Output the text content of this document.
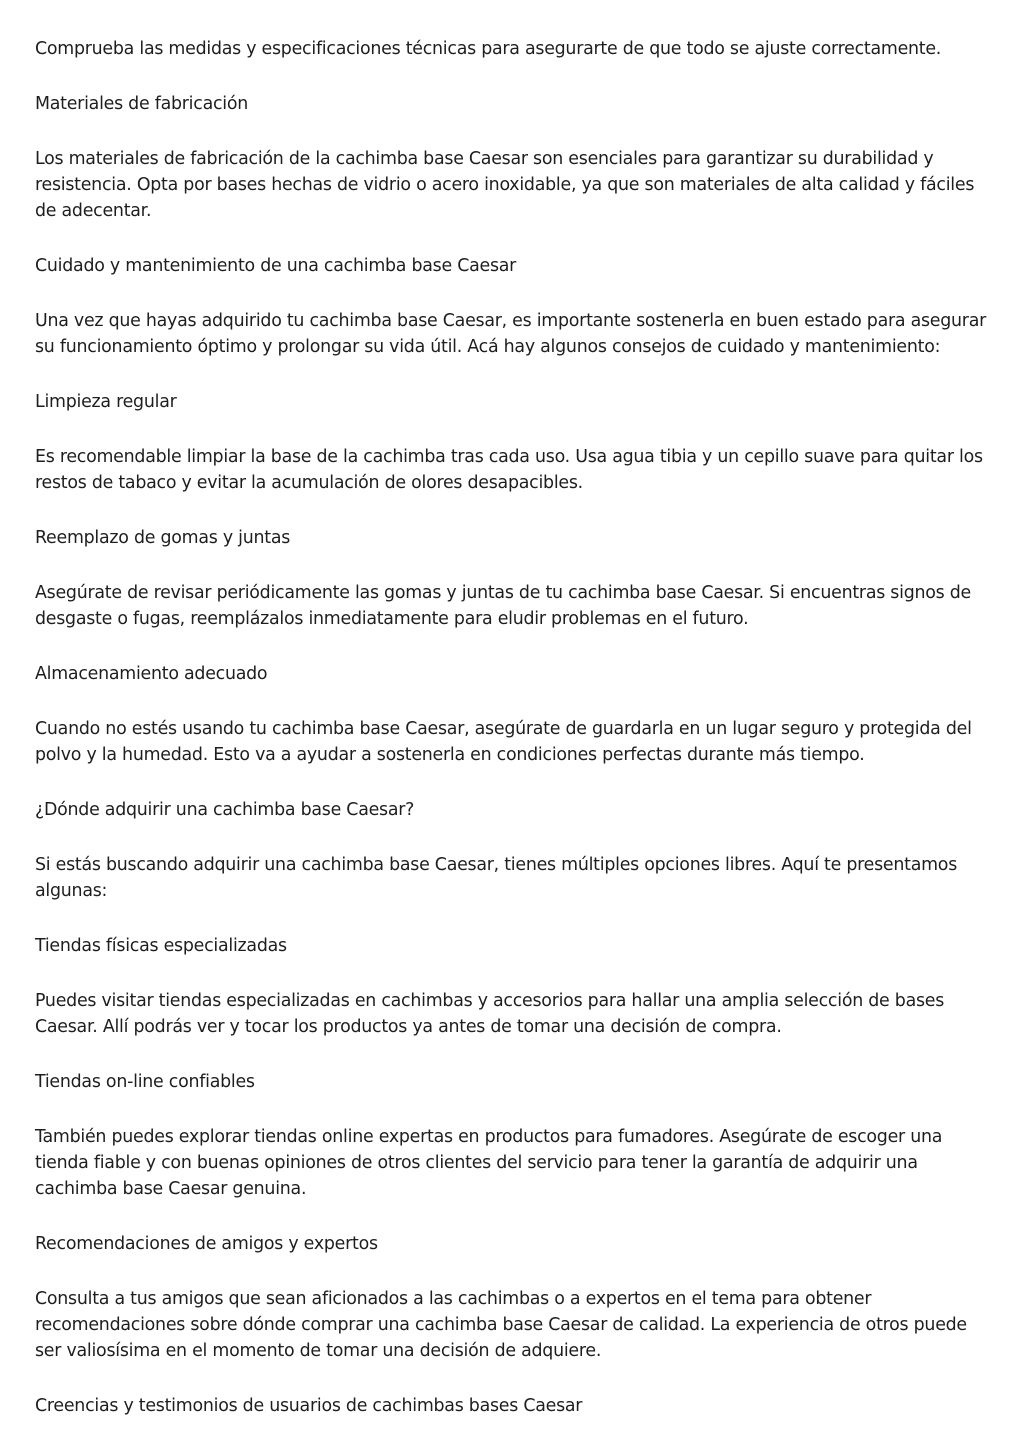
Comprueba las medidas y especificaciones técnicas para asegurarte de que todo se ajuste correctamente.

Materiales de fabricación

Los materiales de fabricación de la cachimba base Caesar son esenciales para garantizar su durabilidad y resistencia. Opta por bases hechas de vidrio o acero inoxidable, ya que son materiales de alta calidad y fáciles de adecentar.

Cuidado y mantenimiento de una cachimba base Caesar

Una vez que hayas adquirido tu cachimba base Caesar, es importante sostenerla en buen estado para asegurar su funcionamiento óptimo y prolongar su vida útil. Acá hay algunos consejos de cuidado y mantenimiento:

Limpieza regular

Es recomendable limpiar la base de la cachimba tras cada uso. Usa agua tibia y un cepillo suave para quitar los restos de tabaco y evitar la acumulación de olores desapacibles.

Reemplazo de gomas y juntas

Asegúrate de revisar periódicamente las gomas y juntas de tu cachimba base Caesar. Si encuentras signos de desgaste o fugas, reemplázalos inmediatamente para eludir problemas en el futuro.

Almacenamiento adecuado

Cuando no estés usando tu cachimba base Caesar, asegúrate de guardarla en un lugar seguro y protegida del polvo y la humedad. Esto va a ayudar a sostenerla en condiciones perfectas durante más tiempo.

¿Dónde adquirir una cachimba base Caesar?

Si estás buscando adquirir una cachimba base Caesar, tienes múltiples opciones libres. Aquí te presentamos algunas:

Tiendas físicas especializadas

Puedes visitar tiendas especializadas en cachimbas y accesorios para hallar una amplia selección de bases Caesar. Allí podrás ver y tocar los productos ya antes de tomar una decisión de compra.

Tiendas on-line confiables

También puedes explorar tiendas online expertas en productos para fumadores. Asegúrate de escoger una tienda fiable y con buenas opiniones de otros clientes del servicio para tener la garantía de adquirir una cachimba base Caesar genuina.

Recomendaciones de amigos y expertos

Consulta a tus amigos que sean aficionados a las cachimbas o a expertos en el tema para obtener recomendaciones sobre dónde comprar una cachimba base Caesar de calidad. La experiencia de otros puede ser valiosísima en el momento de tomar una decisión de adquiere.

Creencias y testimonios de usuarios de cachimbas bases Caesar
